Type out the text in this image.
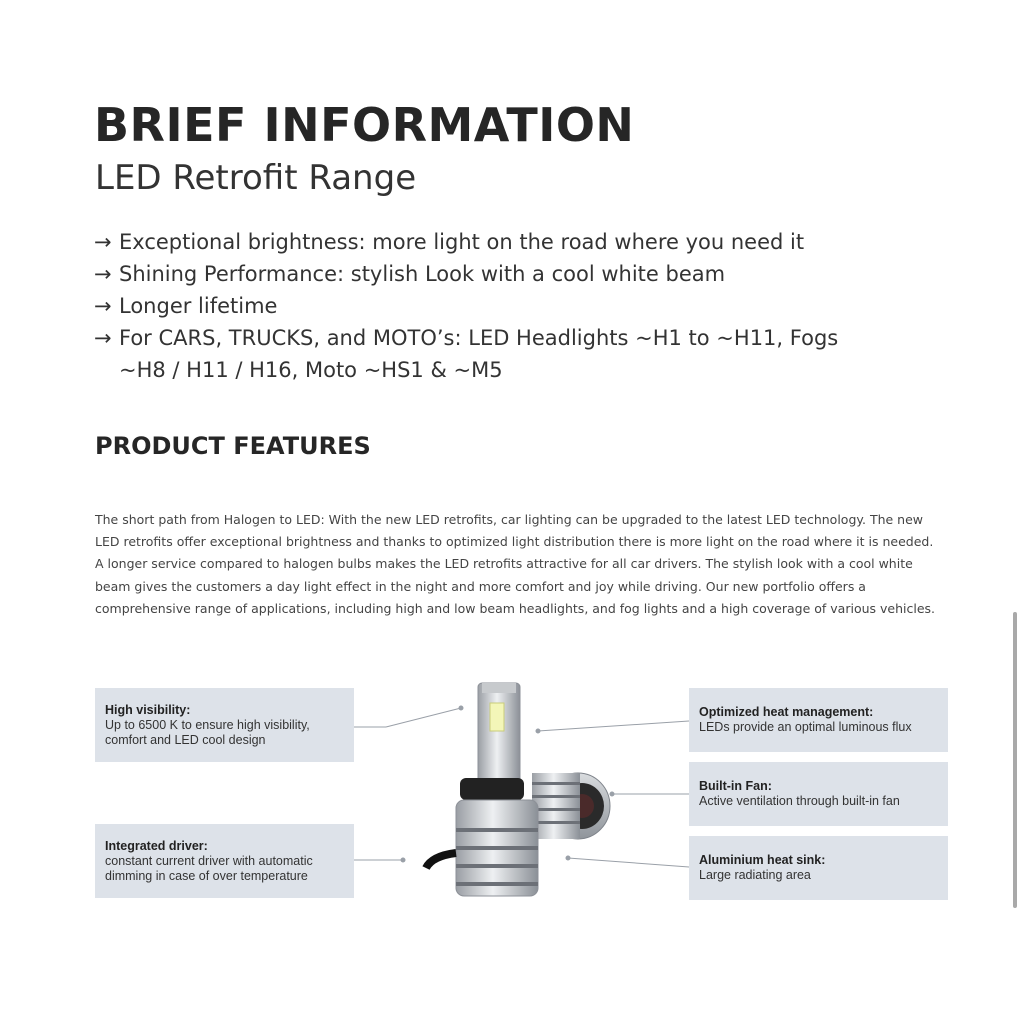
BRIEF INFORMATION
LED Retrofit Range
→ Exceptional brightness: more light on the road where you need it
→ Shining Performance: stylish Look with a cool white beam
→ Longer lifetime
→ For CARS, TRUCKS, and MOTO’s: LED Headlights ~H1 to ~H11, Fogs ~H8 / H11 / H16, Moto ~HS1 & ~M5
PRODUCT FEATURES

The short path from Halogen to LED: With the new LED retrofits, car lighting can be upgraded to the latest LED technology. The new LED retrofits offer exceptional brightness and thanks to optimized light distribution there is more light on the road where it is needed. A longer service compared to halogen bulbs makes the LED retrofits attractive for all car drivers. The stylish look with a cool white beam gives the customers a day light effect in the night and more comfort and joy while driving. Our new portfolio offers a comprehensive range of applications, including high and low beam headlights, and fog lights and a high coverage of various vehicles.

High visibility:
Up to 6500 K to ensure high visibility, comfort and LED cool design
Integrated driver:
constant current driver with automatic dimming in case of over temperature
Optimized heat management:
LEDs provide an optimal luminous flux
Built-in Fan:
Active ventilation through built-in fan
Aluminium heat sink:
Large radiating area
